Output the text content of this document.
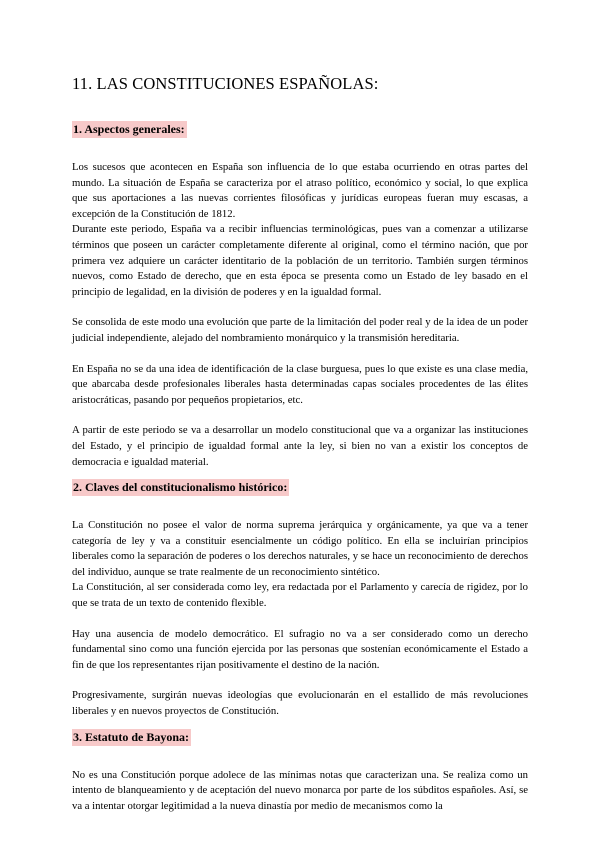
11. LAS CONSTITUCIONES ESPAÑOLAS:
1. Aspectos generales:

Los sucesos que acontecen en España son influencia de lo que estaba ocurriendo en otras partes del mundo. La situación de España se caracteriza por el atraso político, económico y social, lo que explica que sus aportaciones a las nuevas corrientes filosóficas y jurídicas europeas fueran muy escasas, a excepción de la Constitución de 1812.

Durante este periodo, España va a recibir influencias terminológicas, pues van a comenzar a utilizarse términos que poseen un carácter completamente diferente al original, como el término nación, que por primera vez adquiere un carácter identitario de la población de un territorio. También surgen términos nuevos, como Estado de derecho, que en esta época se presenta como un Estado de ley basado en el principio de legalidad, en la división de poderes y en la igualdad formal.

Se consolida de este modo una evolución que parte de la limitación del poder real y de la idea de un poder judicial independiente, alejado del nombramiento monárquico y la transmisión hereditaria.

En España no se da una idea de identificación de la clase burguesa, pues lo que existe es una clase media, que abarcaba desde profesionales liberales hasta determinadas capas sociales procedentes de las élites aristocráticas, pasando por pequeños propietarios, etc.

A partir de este periodo se va a desarrollar un modelo constitucional que va a organizar las instituciones del Estado, y el principio de igualdad formal ante la ley, si bien no van a existir los conceptos de democracia e igualdad material.

2. Claves del constitucionalismo histórico:

La Constitución no posee el valor de norma suprema jerárquica y orgánicamente, ya que va a tener categoría de ley y va a constituir esencialmente un código político. En ella se incluirían principios liberales como la separación de poderes o los derechos naturales, y se hace un reconocimiento de derechos del individuo, aunque se trate realmente de un reconocimiento sintético.

La Constitución, al ser considerada como ley, era redactada por el Parlamento y carecía de rigidez, por lo que se trata de un texto de contenido flexible.

Hay una ausencia de modelo democrático. El sufragio no va a ser considerado como un derecho fundamental sino como una función ejercida por las personas que sostenían económicamente el Estado a fin de que los representantes rijan positivamente el destino de la nación.

Progresivamente, surgirán nuevas ideologías que evolucionarán en el estallido de más revoluciones liberales y en nuevos proyectos de Constitución.

3. Estatuto de Bayona:

No es una Constitución porque adolece de las mínimas notas que caracterizan una. Se realiza como un intento de blanqueamiento y de aceptación del nuevo monarca por parte de los súbditos españoles. Así, se va a intentar otorgar legitimidad a la nueva dinastía por medio de mecanismos como la
